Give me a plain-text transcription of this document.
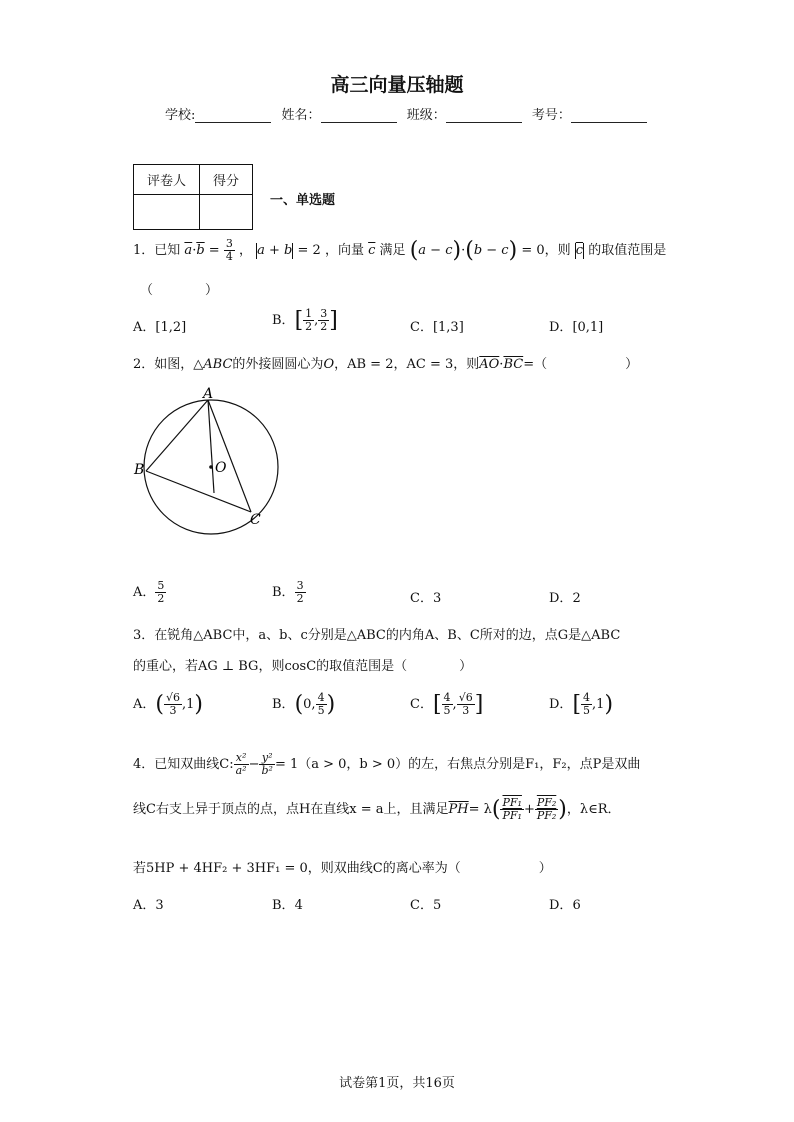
高三向量压轴题
学校:	姓名：	班级：	考号：
评卷人	得分

一、单选题
1．已知 $\overline{a}\cdot\overline{b} = \frac{3}{4}$ ， a + b = 2 ，向量 $\overline{c}$ 满足 (a − c)·(b − c) = 0，则 $\overline{c}$ 的取值范围是
（　　　　）
A．[1,2]	B．[ $\frac{1}{2}$ , $\frac{3}{2}$ ]	C．[1,3]	D．[0,1]
2．如图，△ABC的外接圆圆心为O，AB = 2，AC = 3，则$\overline{AO}\cdot\overline{BC}=$（　　　　　　）
A
B
C
O
A． $\frac{5}{2}$	B． $\frac{3}{2}$	C．3	D．2
3．在锐角△ABC中，a、b、c分别是△ABC的内角A、B、C所对的边，点G是△ABC
的重心，若AG ⊥ BG，则cosC的取值范围是（　　　　）
A．( $\frac{√6}{3} ,1$)	B．(0, $\frac{4}{5}$ )	C．[ $\frac{4}{5}$ , $\frac{√6}{3}$ ]	D．[ $\frac{4}{5} ,1$)
4．已知双曲线C: $\frac{\text{x²}}{\text{a²}} - \frac{\text{y²}}{\text{b²}} = 1(a > 0$，b > 0）的左，右焦点分别是F₁，F₂，点P是双曲
线C右支上异于顶点的点，点H在直线x = a上，且满足$\overline{PH}= \lambda( \frac{\text{PF₁}}{\text{PF₁}} + \frac{\text{PF₂}}{\text{PF₂}}$ )，λ∈R．
若5HP + 4HF₂ + 3HF₁ = 0，则双曲线C的离心率为（　　　　　　）
A．3	B．4	C．5	D．6
试卷第1页，共16页
